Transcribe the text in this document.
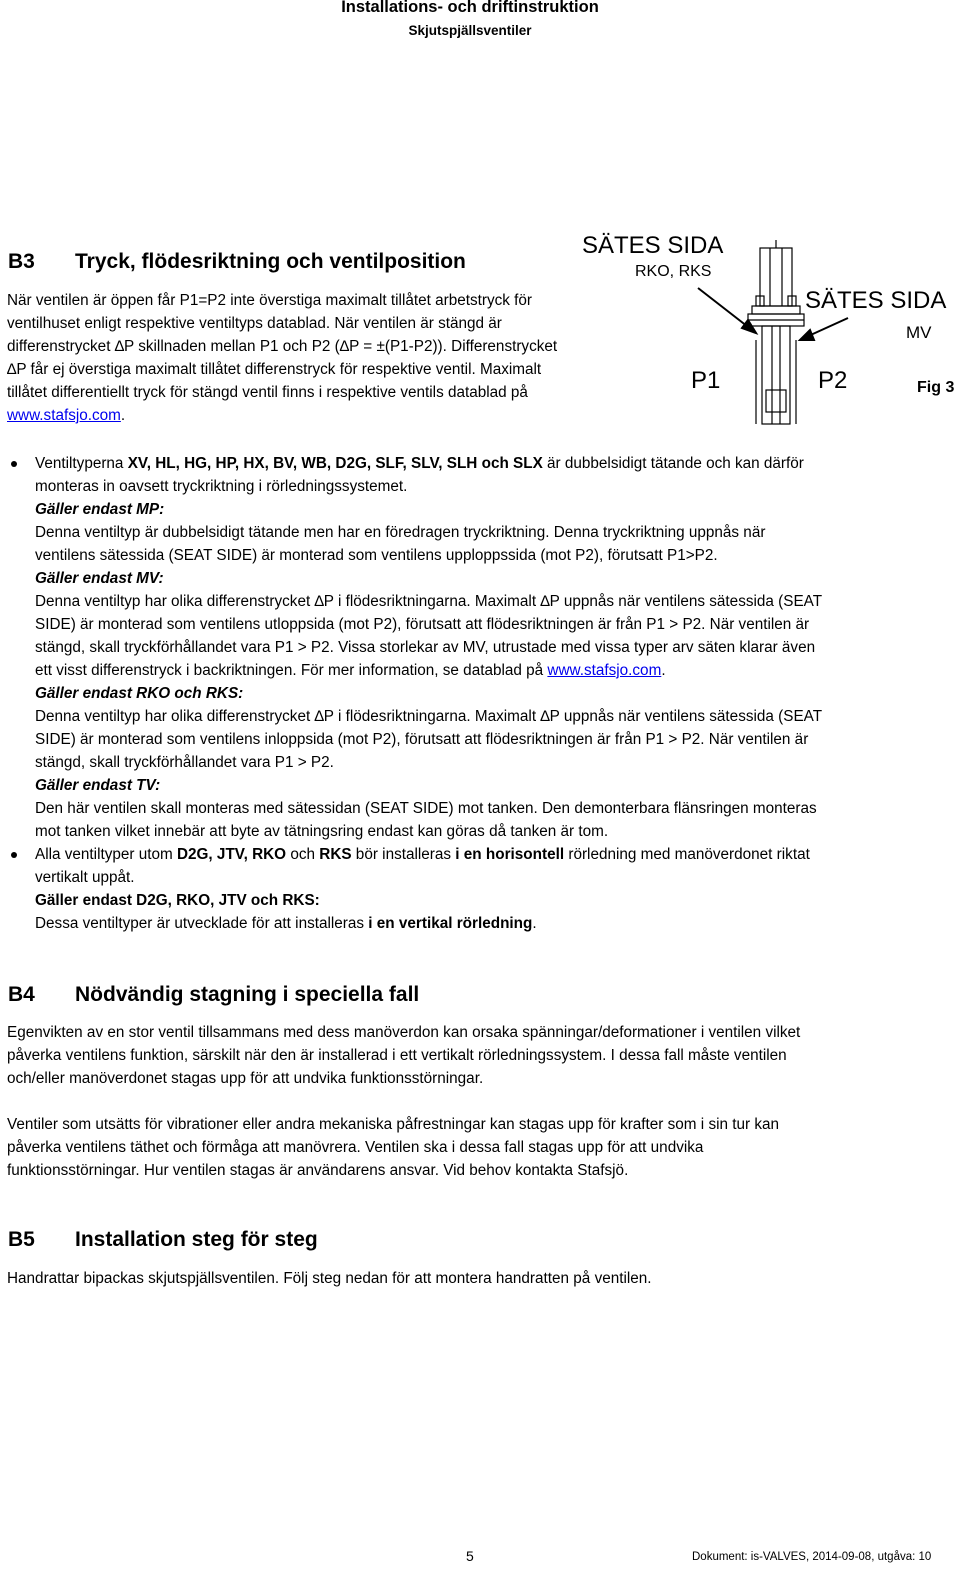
Installations- och driftinstruktion
Skjutspjällsventiler
B3 Tryck, flödesriktning och ventilposition
När ventilen är öppen får P1=P2 inte överstiga maximalt tillåtet arbetstryck för
ventilhuset enligt respektive ventiltyps datablad. När ventilen är stängd är
differenstrycket ∆P skillnaden mellan P1 och P2 (∆P = ±(P1-P2)). Differenstrycket
∆P får ej överstiga maximalt tillåtet differenstryck för respektive ventil. Maximalt
tillåtet differentiellt tryck för stängd ventil finns i respektive ventils datablad på
www.stafsjo.com.
SÄTES SIDA
RKO, RKS
SÄTES SIDA
MV
P1	P2	Fig 3
Ventiltyperna XV, HL, HG, HP, HX, BV, WB, D2G, SLF, SLV, SLH och SLX är dubbelsidigt tätande och kan därför
monteras in oavsett tryckriktning i rörledningssystemet.
Gäller endast MP:
Denna ventiltyp är dubbelsidigt tätande men har en föredragen tryckriktning. Denna tryckriktning uppnås när
ventilens sätessida (SEAT SIDE) är monterad som ventilens upploppssida (mot P2), förutsatt P1>P2.
Gäller endast MV:
Denna ventiltyp har olika differenstrycket ∆P i flödesriktningarna. Maximalt ∆P uppnås när ventilens sätessida (SEAT
SIDE) är monterad som ventilens utloppsida (mot P2), förutsatt att flödesriktningen är från P1 > P2. När ventilen är
stängd, skall tryckförhållandet vara P1 > P2. Vissa storlekar av MV, utrustade med vissa typer arv säten klarar även
ett visst differenstryck i backriktningen. För mer information, se datablad på www.stafsjo.com.
Gäller endast RKO och RKS:
Denna ventiltyp har olika differenstrycket ∆P i flödesriktningarna. Maximalt ∆P uppnås när ventilens sätessida (SEAT
SIDE) är monterad som ventilens inloppsida (mot P2), förutsatt att flödesriktningen är från P1 > P2. När ventilen är
stängd, skall tryckförhållandet vara P1 > P2.
Gäller endast TV:
Den här ventilen skall monteras med sätessidan (SEAT SIDE) mot tanken. Den demonterbara flänsringen monteras
mot tanken vilket innebär att byte av tätningsring endast kan göras då tanken är tom.
Alla ventiltyper utom D2G, JTV, RKO och RKS bör installeras i en horisontell rörledning med manöverdonet riktat
vertikalt uppåt.
Gäller endast D2G, RKO, JTV och RKS:
Dessa ventiltyper är utvecklade för att installeras i en vertikal rörledning.
B4 Nödvändig stagning i speciella fall
Egenvikten av en stor ventil tillsammans med dess manöverdon kan orsaka spänningar/deformationer i ventilen vilket
påverka ventilens funktion, särskilt när den är installerad i ett vertikalt rörledningssystem. I dessa fall måste ventilen
och/eller manöverdonet stagas upp för att undvika funktionsstörningar.
Ventiler som utsätts för vibrationer eller andra mekaniska påfrestningar kan stagas upp för krafter som i sin tur kan
påverka ventilens täthet och förmåga att manövrera. Ventilen ska i dessa fall stagas upp för att undvika
funktionsstörningar. Hur ventilen stagas är användarens ansvar. Vid behov kontakta Stafsjö.
B5 Installation steg för steg
Handrattar bipackas skjutspjällsventilen. Följ steg nedan för att montera handratten på ventilen.
5	Dokument: is-VALVES, 2014-09-08, utgåva: 10
